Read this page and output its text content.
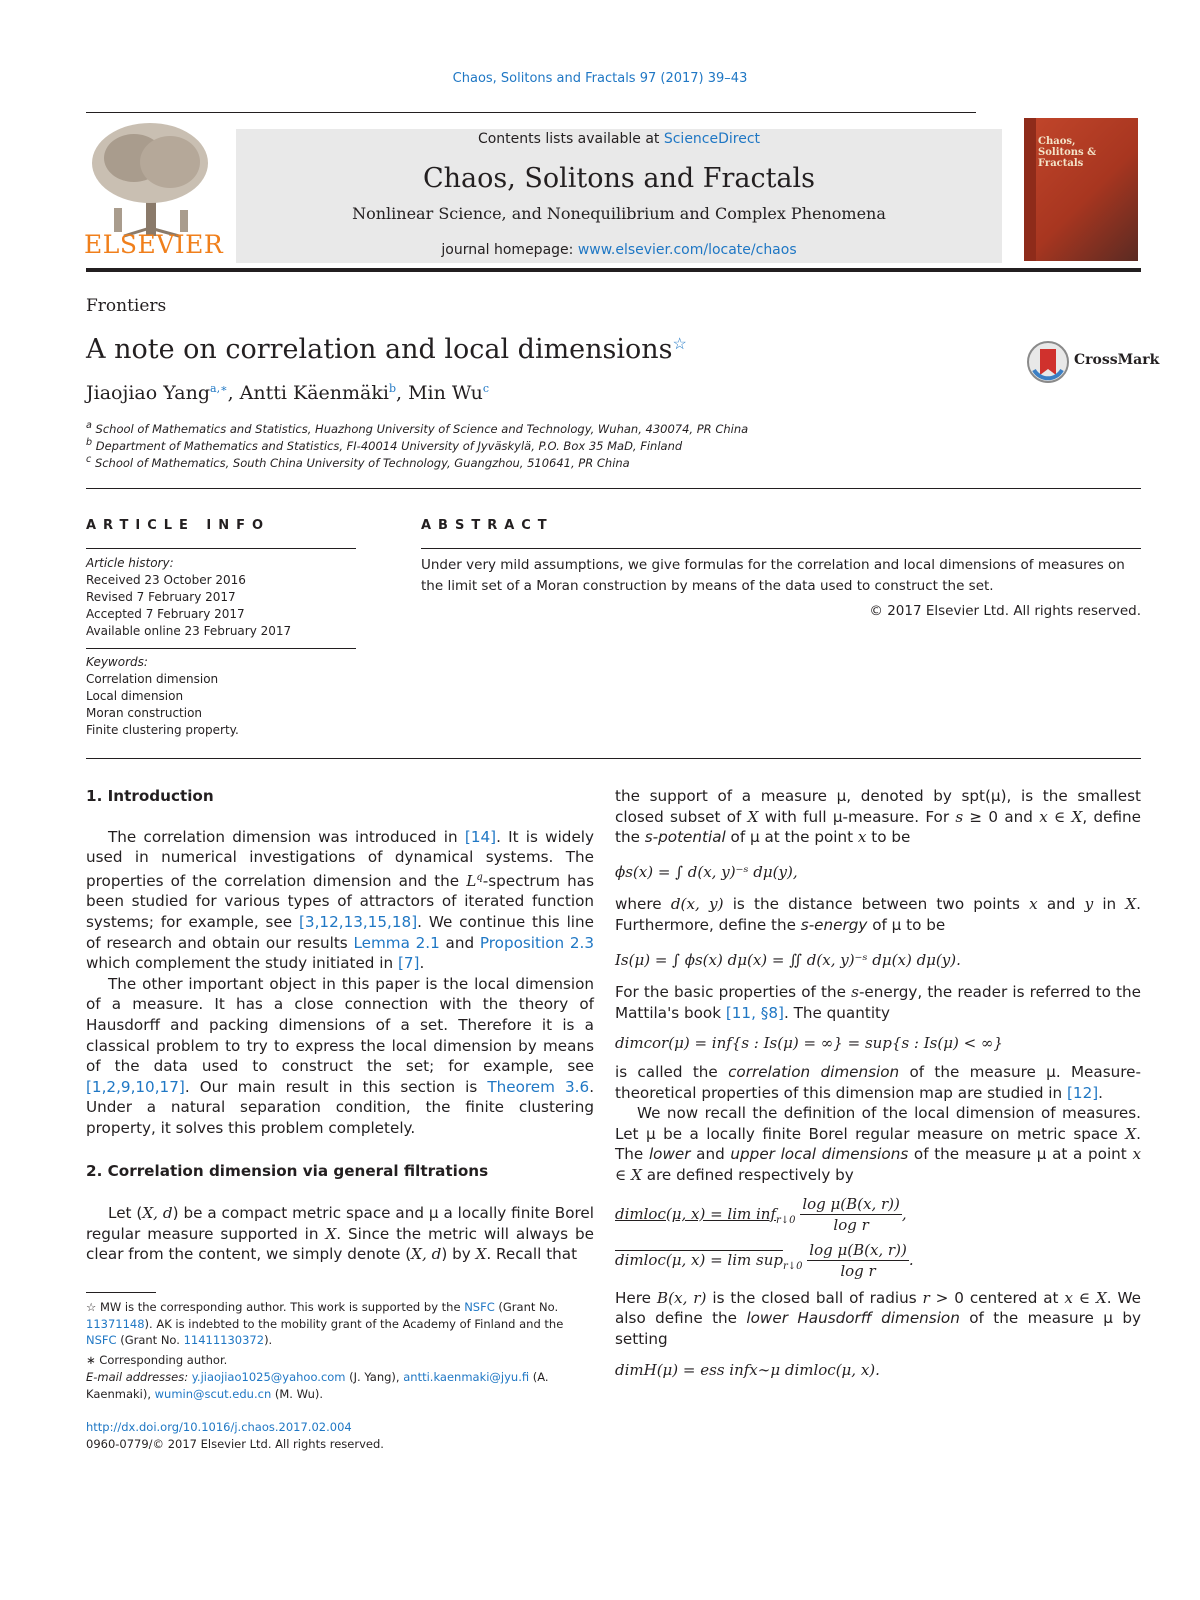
Chaos, Solitons and Fractals 97 (2017) 39–43
ELSEVIER
Contents lists available at ScienceDirect
Chaos, Solitons and Fractals
Nonlinear Science, and Nonequilibrium and Complex Phenomena
journal homepage: www.elsevier.com/locate/chaos
Chaos, Solitons & Fractals
Frontiers
A note on correlation and local dimensions☆
CrossMark
Jiaojiao Yang$^{a,∗}$, Antti Käenmäki$^b$, Min Wu$^c$
$^a$ School of Mathematics and Statistics, Huazhong University of Science and Technology, Wuhan, 430074, PR China
$^b$ Department of Mathematics and Statistics, FI-40014 University of Jyväskylä, P.O. Box 35 MaD, Finland
$^c$ School of Mathematics, South China University of Technology, Guangzhou, 510641, PR China
ARTICLE INFO
Article history:
Received 23 October 2016
Revised 7 February 2017
Accepted 7 February 2017
Available online 23 February 2017
Keywords:
Correlation dimension
Local dimension
Moran construction
Finite clustering property.
ABSTRACT
Under very mild assumptions, we give formulas for the correlation and local dimensions of measures on the limit set of a Moran construction by means of the data used to construct the set.
© 2017 Elsevier Ltd. All rights reserved.
1. Introduction

The correlation dimension was introduced in [14]. It is widely used in numerical investigations of dynamical systems. The properties of the correlation dimension and the $L^q$-spectrum has been studied for various types of attractors of iterated function systems; for example, see [3,12,13,15,18]. We continue this line of research and obtain our results Lemma 2.1 and Proposition 2.3 which complement the study initiated in [7].

The other important object in this paper is the local dimension of a measure. It has a close connection with the theory of Hausdorff and packing dimensions of a set. Therefore it is a classical problem to try to express the local dimension by means of the data used to construct the set; for example, see [1,2,9,10,17]. Our main result in this section is Theorem 3.6. Under a natural separation condition, the finite clustering property, it solves this problem completely.

2. Correlation dimension via general filtrations

Let (X, d) be a compact metric space and μ a locally finite Borel regular measure supported in X. Since the metric will always be clear from the content, we simply denote (X, d) by X. Recall that

the support of a measure μ, denoted by spt(μ), is the smallest closed subset of X with full μ-measure. For s ≥ 0 and x ∈ X, define the s-potential of μ at the point x to be

ϕs(x) = ∫ d(x, y)⁻ˢ dμ(y),

where d(x, y) is the distance between two points x and y in X. Furthermore, define the s-energy of μ to be

Is(μ) = ∫ ϕs(x) dμ(x) = ∬ d(x, y)⁻ˢ dμ(x) dμ(y).

For the basic properties of the s-energy, the reader is referred to the Mattila's book [11, §8]. The quantity

dimcor(μ) = inf{s : Is(μ) = ∞} = sup{s : Is(μ) < ∞}

is called the correlation dimension of the measure μ. Measure-theoretical properties of this dimension map are studied in [12].

We now recall the definition of the local dimension of measures. Let μ be a locally finite Borel regular measure on metric space X. The lower and upper local dimensions of the measure μ at a point x ∈ X are defined respectively by

dimloc(μ, $x) = \lim inf_{r↓0} \frac{\text{log μ(B(x, r))}}{\text{log r}}$ ,
dimloc(μ, $x) = \lim sup_{r↓0} \frac{\text{log μ(B(x, r))}}{\text{log r}}$ .

Here B(x, r) is the closed ball of radius r > 0 centered at x ∈ X. We also define the lower Hausdorff dimension of the measure μ by setting

dimH(μ) = ess infx∼μ dimloc(μ, x).
☆ MW is the corresponding author. This work is supported by the NSFC (Grant No. 11371148). AK is indebted to the mobility grant of the Academy of Finland and the NSFC (Grant No. 11411130372).
∗ Corresponding author.
E-mail addresses: y.jiaojiao1025@yahoo.com (J. Yang), antti.kaenmaki@jyu.fi (A. Kaenmaki), wumin@scut.edu.cn (M. Wu).
http://dx.doi.org/10.1016/j.chaos.2017.02.004
0960-0779/© 2017 Elsevier Ltd. All rights reserved.
